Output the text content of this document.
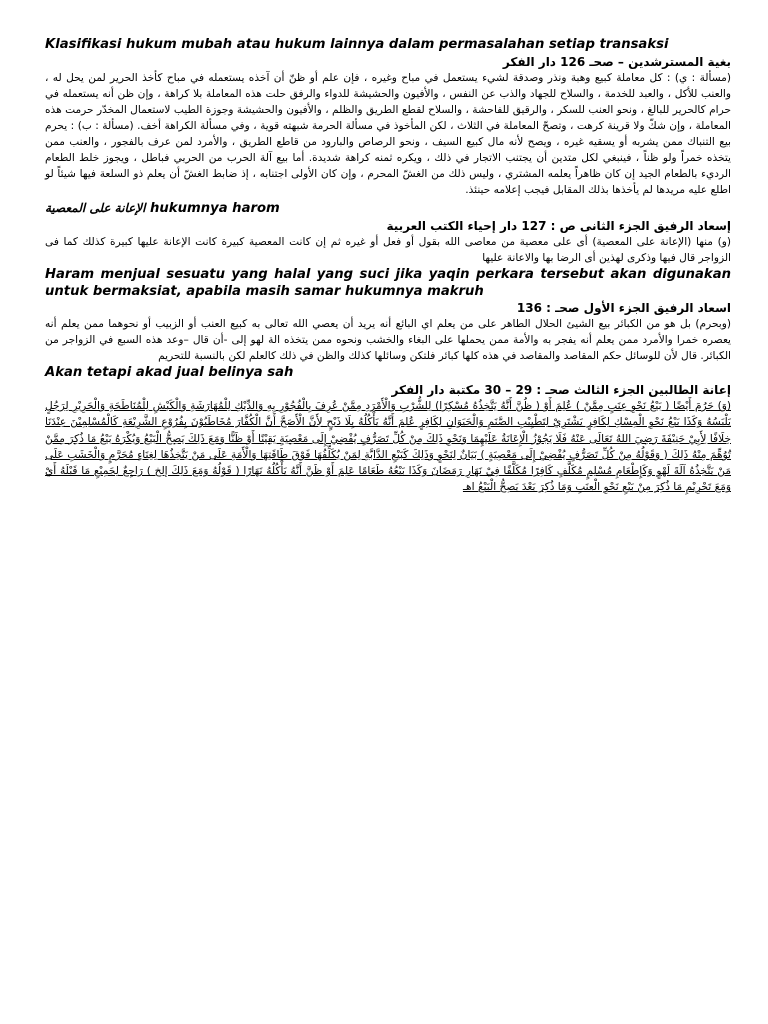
Klasifikasi hukum mubah atau hukum lainnya dalam permasalahan setiap transaksi

بغية المسترشدين – صحـ 126 دار الفكر

(مسألة : ي) : كل معاملة كبيع وهبة ونذر وصدقة لشيء يستعمل في مباح وغيره ، فإن علم أو ظنّ أن آخذه يستعمله في مباح كأخذ الحرير لمن يحل له ، والعنب للأكل ، والعبد للخدمة ، والسلاح للجهاد والذب عن النفس ، والأفيون والحشيشة للدواء والرفق حلت هذه المعاملة بلا كراهة ، وإن ظن أنه يستعمله في حرام كالحرير للبالغ ، ونحو العنب للسكر ، والرقيق للفاحشة ، والسلاح لقطع الطريق والظلم ، والأفيون والحشيشة وجوزة الطيب لاستعمال المخدّر حرمت هذه المعاملة ، وإن شكّ ولا قرينة كرهت ، وتصحّ المعاملة في الثلاث ، لكن المأخوذ في مسألة الحرمة شبهته قوية ، وفي مسألة الكراهة أخف. (مسألة : ب) : يحرم بيع التنباك ممن يشربه أو يسقيه غيره ، ويصح لأنه مال كبيع السيف ، ونحو الرصاص والبارود من قاطع الطريق ، والأمرد لمن عرف بالفجور ، والعنب ممن يتخذه خمراً ولو ظناً ، فينبغي لكل متدين أن يجتنب الاتجار في ذلك ، ويكره ثمنه كراهة شديدة. أما بيع آلة الحرب من الحربي فباطل ، ويجوز خلط الطعام الرديء بالطعام الجيد إن كان ظاهراً يعلمه المشتري ، وليس ذلك من الغشّ المحرم ، وإن كان الأولى اجتنابه ، إذ ضابط الغشّ أن يعلم ذو السلعة فيها شيئاً لو اطلع عليه مريدها لم يأخذها بذلك المقابل فيجب إعلامه حينئذ.

الإعانة على المعصية hukumnya harom

إسعاد الرفيق الجزء الثانى ص : 127 دار إحياء الكتب العربية

(و) منها (الإعانة على المعصية) أى على معصية من معاصى الله بقول أو فعل أو غيره ثم إن كانت المعصية كبيرة كانت الإعانة عليها كبيرة كذلك كما فى الزواجر قال فيها وذكرى لهذين أى الرضا بها والاعانة عليها

Haram menjual sesuatu yang halal yang suci jika yaqin perkara tersebut akan digunakan untuk bermaksiat, apabila masih samar hukumnya makruh

اسعاد الرفيق الجزء الأول صحـ : 136

(وبحرم) بل هو من الكبائر بيع الشيئ الحلال الطاهر على من يعلم اي البائع أنه يريد أن يعصي الله تعالى به كبيع العنب أو الزبيب أو نحوهما ممن يعلم أنه يعصره خمرا والأمرد ممن يعلم أنه يفجر به والأمة ممن يحملها على البغاء والخشب ونحوه ممن يتخذه الة لهو إلى -أن قال –وعد هذه السبع في الزواجر من الكبائر. قال لأن للوسائل حكم المقاصد والمقاصد في هذه كلها كبائر فلتكن وسائلها كذلك والظن في ذلك كالعلم لكن بالنسبة للتحريم

Akan tetapi akad jual belinya sah

إعانة الطالبين الجزء الثالث صحـ : 29 – 30 مكتبة دار الفكر

(وَ) حَرُمَ أَيْضًا ( بَيْعُ نَحْوِ عِنَبٍ مِمَّنْ ) عُلِمَ أَوْ ( ظُنَّ أَنَّهُ يَتَّخِذُهُ مُسْكِرًا) لِلشُّرْبِ وَالْأَمْرَدِ مِمَّنْ عُرِفَ بِالْفُجُوْرِ بِهِ وَالدِّيْكِ لِلْمُهَارَشَةِ وَالْكَبْشِ لِلْمُنَاطَحَةِ وَالْحَرِيْرِ لِرَجُلٍ يَلْبَسُهُ وَكَذَا بَيْعُ نَحْوِ الْمِسْكِ لِكَافِرٍ يَشْتَرِيْ لِتَطْيِيْبِ الصَّنَمِ وَالْحَيَوَانِ لِكَافِرٍ عُلِمَ أَنَّهُ يَأْكُلُهُ بِلَا ذَبْحٍ لِأَنَّ الْأَصَحَّ أَنَّ الْكُفَّارَ مُخَاطَبُوْنَ بِفُرُوْعِ الشَّرِيْعَةِ كَالْمُسْلِمِيْنَ عِنْدَنَا خِلَافًا لِأَبِيْ حَنِيْفَةَ رَضِيَ اللهُ تَعَالَى عَنْهُ فَلَا يَجُوْزُ الْإِعَانَةُ عَلَيْهِمَا وَنَحْوِ ذَلِكَ مِنْ كُلِّ تَصَرُّفٍ يُفْضِيْ إِلَى مَعْصِيَةٍ يَقِيْنًا أَوْ ظَنًّا وَمَعَ ذَلِكَ يَصِحُّ الْبَيْعُ وَيُكْرَهُ بَيْعُ مَا ذُكِرَ مِمَّنْ تُوُهِّمَ مِنْهُ ذَلِكَ ( وَقَوْلُهُ مِنْ كُلِّ تَصَرُّفٍ يُفْضِيْ إِلَى مَعْصِيَةٍ ) بَيَانٌ لِنَحْوٍ وَذَلِكَ كَبَيْعِ الدَّابَّةِ لِمَنْ يُكَلِّفُهَا فَوْقَ طَاقَتِهَا وَالْأَمَةِ عَلَى مَنْ يَتَّخِذُهَا لِغِنَاءٍ مُحَرَّمٍ وَالْخَشَبِ عَلَى مَنْ يَتَّخِذُهُ آلَةَ لَهْوٍ وَكَإِطْعَامِ مُسْلِمٍ مُكَلَّفٍ كَافِرًا مُكَلَّفًا فِيْ نَهَارِ رَمَضَانَ وَكَذَا بَيْعُهُ طَعَامًا عَلِمَ أَوْ ظَنَّ أَنَّهُ يَأْكُلُهُ نَهَارًا ( قَوْلُهُ وَمَعَ ذَلِكَ إلخ ) رَاجِعٌ لِجَمِيْعِ مَا قَبْلَهُ أَيْ وَمَعَ تَحْرِيْمِ مَا ذُكِرَ مِنْ بَيْعِ نَحْوِ الْعِنَبِ وَمَا ذُكِرَ بَعْدَ يَصِحُّ الْبَيْعُ اهـ
